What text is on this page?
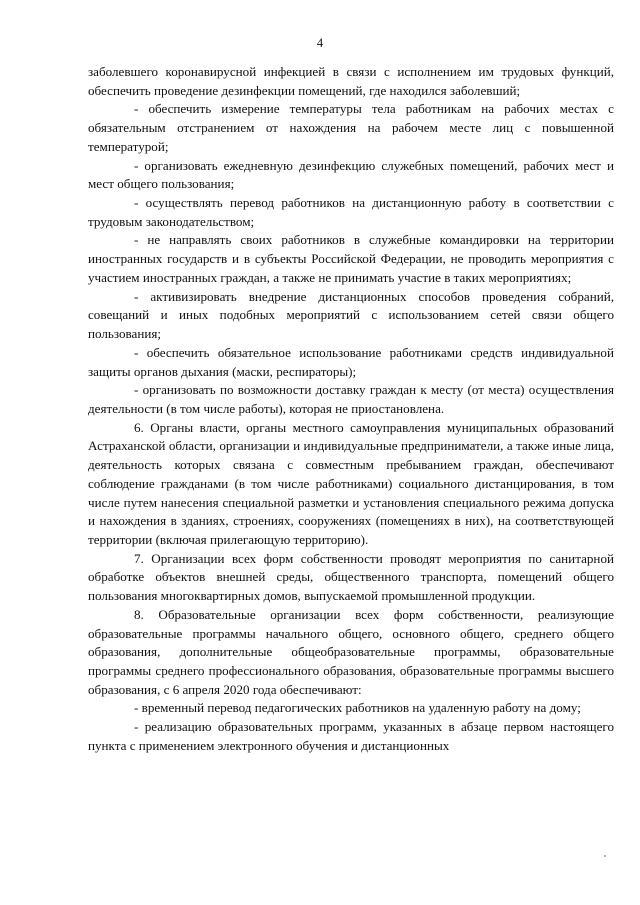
4

заболевшего коронавирусной инфекцией в связи с исполнением им трудовых функций, обеспечить проведение дезинфекции помещений, где находился заболевший;

- обеспечить измерение температуры тела работникам на рабочих местах с обязательным отстранением от нахождения на рабочем месте лиц с повышенной температурой;

- организовать ежедневную дезинфекцию служебных помещений, рабочих мест и мест общего пользования;

- осуществлять перевод работников на дистанционную работу в соответствии с трудовым законодательством;

- не направлять своих работников в служебные командировки на территории иностранных государств и в субъекты Российской Федерации, не проводить мероприятия с участием иностранных граждан, а также не принимать участие в таких мероприятиях;

- активизировать внедрение дистанционных способов проведения собраний, совещаний и иных подобных мероприятий с использованием сетей связи общего пользования;

- обеспечить обязательное использование работниками средств индивидуальной защиты органов дыхания (маски, респираторы);

- организовать по возможности доставку граждан к месту (от места) осуществления деятельности (в том числе работы), которая не приостановлена.

6. Органы власти, органы местного самоуправления муниципальных образований Астраханской области, организации и индивидуальные предприниматели, а также иные лица, деятельность которых связана с совместным пребыванием граждан, обеспечивают соблюдение гражданами (в том числе работниками) социального дистанцирования, в том числе путем нанесения специальной разметки и установления специального режима допуска и нахождения в зданиях, строениях, сооружениях (помещениях в них), на соответствующей территории (включая прилегающую территорию).

7. Организации всех форм собственности проводят мероприятия по санитарной обработке объектов внешней среды, общественного транспорта, помещений общего пользования многоквартирных домов, выпускаемой промышленной продукции.

8. Образовательные организации всех форм собственности, реализующие образовательные программы начального общего, основного общего, среднего общего образования, дополнительные общеобразовательные программы, образовательные программы среднего профессионального образования, образовательные программы высшего образования, с 6 апреля 2020 года обеспечивают:

- временный перевод педагогических работников на удаленную работу на дому;

- реализацию образовательных программ, указанных в абзаце первом настоящего пункта с применением электронного обучения и дистанционных
